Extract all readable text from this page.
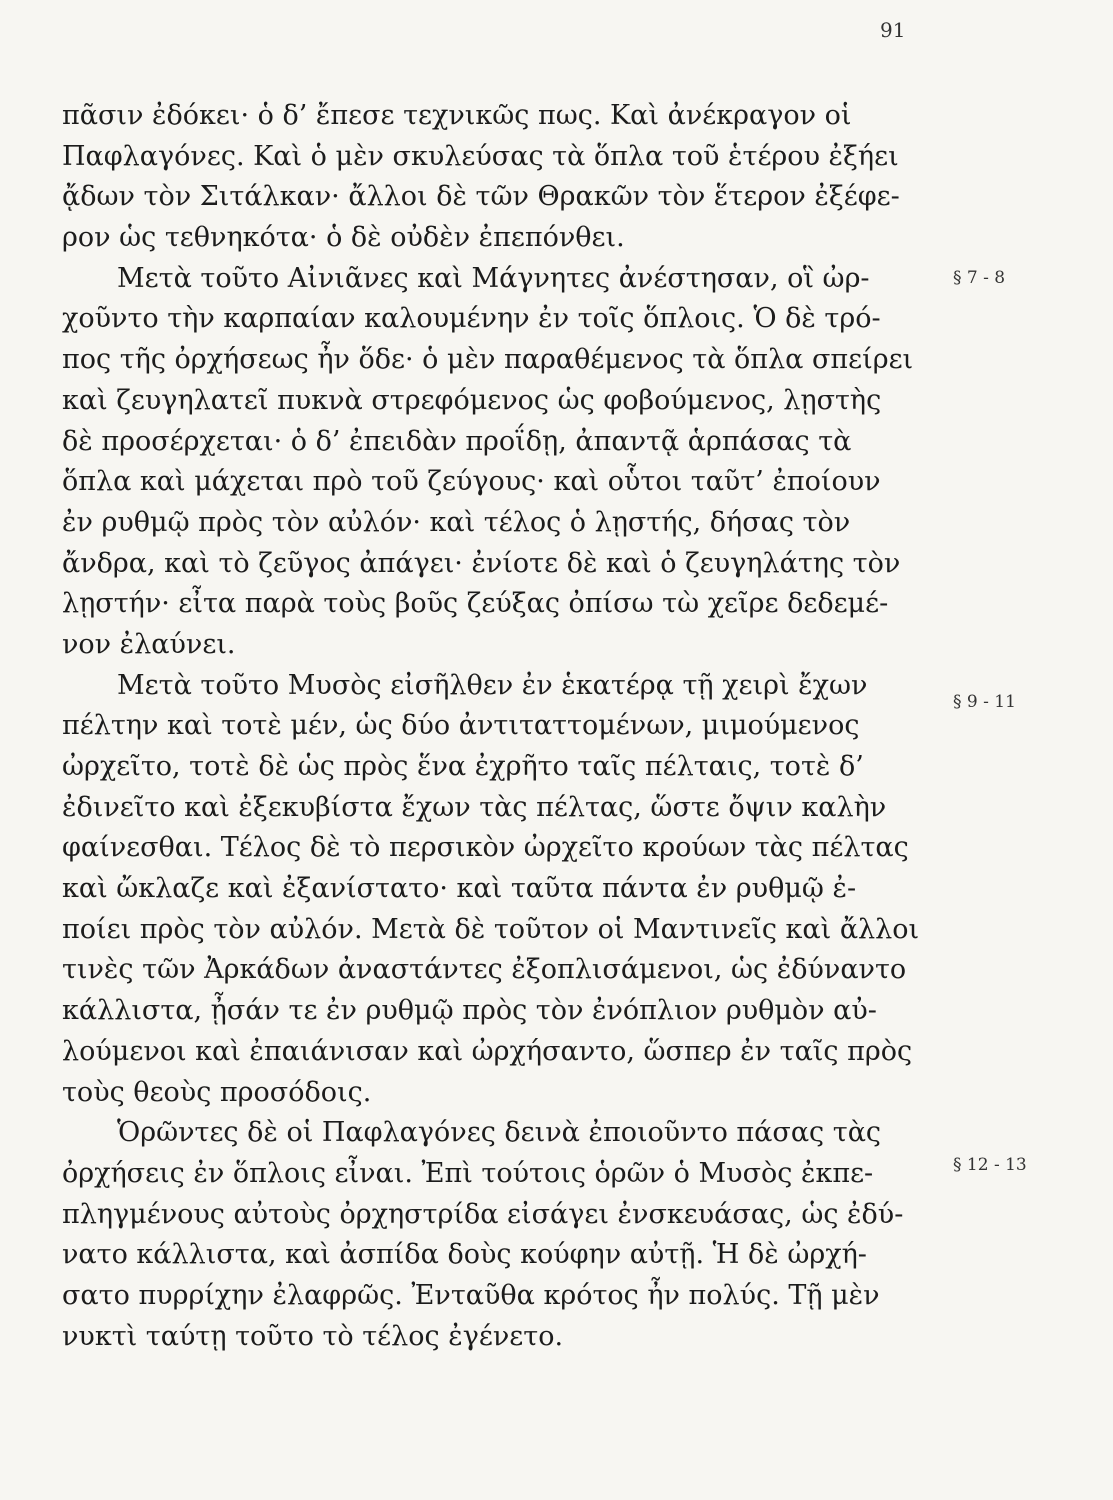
91
πᾶσιν ἐδόκει· ὁ δ’ ἔπεσε τεχνικῶς πως. Καὶ ἀνέκραγον οἱ
Παφλαγόνες. Καὶ ὁ μὲν σκυλεύσας τὰ ὅπλα τοῦ ἑτέρου ἐξήει
ᾄδων τὸν Σιτάλκαν· ἄλλοι δὲ τῶν Θρακῶν τὸν ἕτερον ἐξέφε-
ρον ὡς τεθνηκότα· ὁ δὲ οὐδὲν ἐπεπόνθει.
Μετὰ τοῦτο Αἰνιᾶνες καὶ Μάγνητες ἀνέστησαν, οἳ ὠρ-
χοῦντο τὴν καρπαίαν καλουμένην ἐν τοῖς ὅπλοις. Ὁ δὲ τρό-
πος τῆς ὀρχήσεως ἦν ὅδε· ὁ μὲν παραθέμενος τὰ ὅπλα σπείρει
καὶ ζευγηλατεῖ πυκνὰ στρεφόμενος ὡς φοβούμενος, λῃστὴς
δὲ προσέρχεται· ὁ δ’ ἐπειδὰν προΐδῃ, ἀπαντᾷ ἁρπάσας τὰ
ὅπλα καὶ μάχεται πρὸ τοῦ ζεύγους· καὶ οὗτοι ταῦτ’ ἐποίουν
ἐν ρυθμῷ πρὸς τὸν αὐλόν· καὶ τέλος ὁ λῃστής, δήσας τὸν
ἄνδρα, καὶ τὸ ζεῦγος ἀπάγει· ἐνίοτε δὲ καὶ ὁ ζευγηλάτης τὸν
λῃστήν· εἶτα παρὰ τοὺς βοῦς ζεύξας ὀπίσω τὼ χεῖρε δεδεμέ-
νον ἐλαύνει.
Μετὰ τοῦτο Μυσὸς εἰσῆλθεν ἐν ἑκατέρᾳ τῇ χειρὶ ἔχων
πέλτην καὶ τοτὲ μέν, ὡς δύο ἀντιταττομένων, μιμούμενος
ὠρχεῖτο, τοτὲ δὲ ὡς πρὸς ἕνα ἐχρῆτο ταῖς πέλταις, τοτὲ δ’
ἐδινεῖτο καὶ ἐξεκυβίστα ἔχων τὰς πέλτας, ὥστε ὄψιν καλὴν
φαίνεσθαι. Τέλος δὲ τὸ περσικὸν ὠρχεῖτο κρούων τὰς πέλτας
καὶ ὤκλαζε καὶ ἐξανίστατο· καὶ ταῦτα πάντα ἐν ρυθμῷ ἐ-
ποίει πρὸς τὸν αὐλόν. Μετὰ δὲ τοῦτον οἱ Μαντινεῖς καὶ ἄλλοι
τινὲς τῶν Ἀρκάδων ἀναστάντες ἐξοπλισάμενοι, ὡς ἐδύναντο
κάλλιστα, ᾖσάν τε ἐν ρυθμῷ πρὸς τὸν ἐνόπλιον ρυθμὸν αὐ-
λούμενοι καὶ ἐπαιάνισαν καὶ ὠρχήσαντο, ὥσπερ ἐν ταῖς πρὸς
τοὺς θεοὺς προσόδοις.
Ὁρῶντες δὲ οἱ Παφλαγόνες δεινὰ ἐποιοῦντο πάσας τὰς
ὀρχήσεις ἐν ὅπλοις εἶναι. Ἐπὶ τούτοις ὁρῶν ὁ Μυσὸς ἐκπε-
πληγμένους αὐτοὺς ὀρχηστρίδα εἰσάγει ἐνσκευάσας, ὡς ἐδύ-
νατο κάλλιστα, καὶ ἀσπίδα δοὺς κούφην αὐτῇ. Ἡ δὲ ὠρχή-
σατο πυρρίχην ἐλαφρῶς. Ἐνταῦθα κρότος ἦν πολύς. Τῇ μὲν
νυκτὶ ταύτῃ τοῦτο τὸ τέλος ἐγένετο.
§ 7 - 8
§ 9 - 11
§ 12 - 13
